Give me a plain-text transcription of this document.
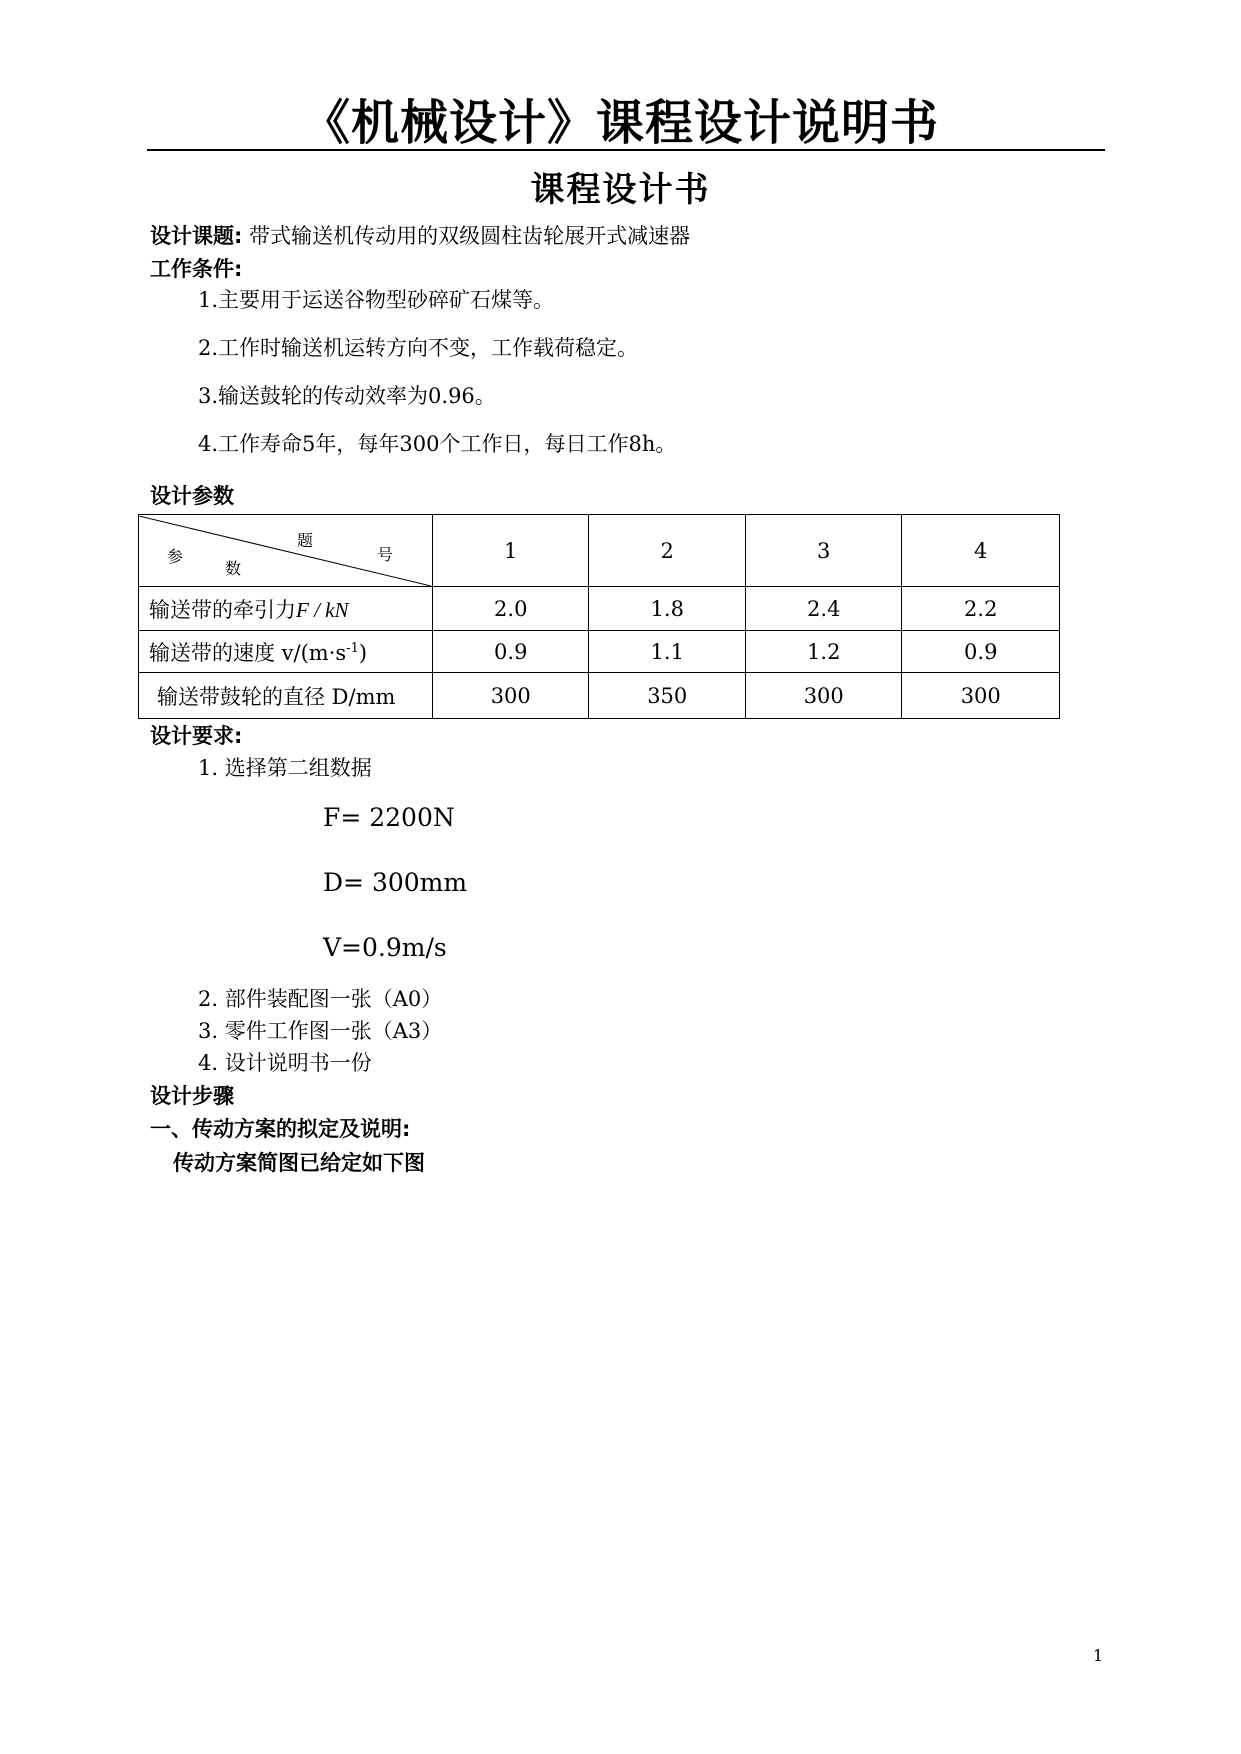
《机械设计》课程设计说明书
课程设计书
设计课题: 带式输送机传动用的双级圆柱齿轮展开式减速器
工作条件:
1.主要用于运送谷物型砂碎矿石煤等。
2.工作时输送机运转方向不变，工作载荷稳定。
3.输送鼓轮的传动效率为0.96。
4.工作寿命5年，每年300个工作日，每日工作8h。
设计参数
题
号
参
数	1	2	3	4
输送带的牵引力F / kN	2.0	1.8	2.4	2.2
输送带的速度 $v/(m\cdot s^{-1})$	0.9	1.1	1.2	0.9
输送带鼓轮的直径 D/mm	300	350	300	300
设计要求:
1. 选择第二组数据
F= 2200N
D= 300mm
V=0.9m/s
2. 部件装配图一张（A0）
3. 零件工作图一张（A3）
4. 设计说明书一份
设计步骤
一、传动方案的拟定及说明:
传动方案简图已给定如下图
1
